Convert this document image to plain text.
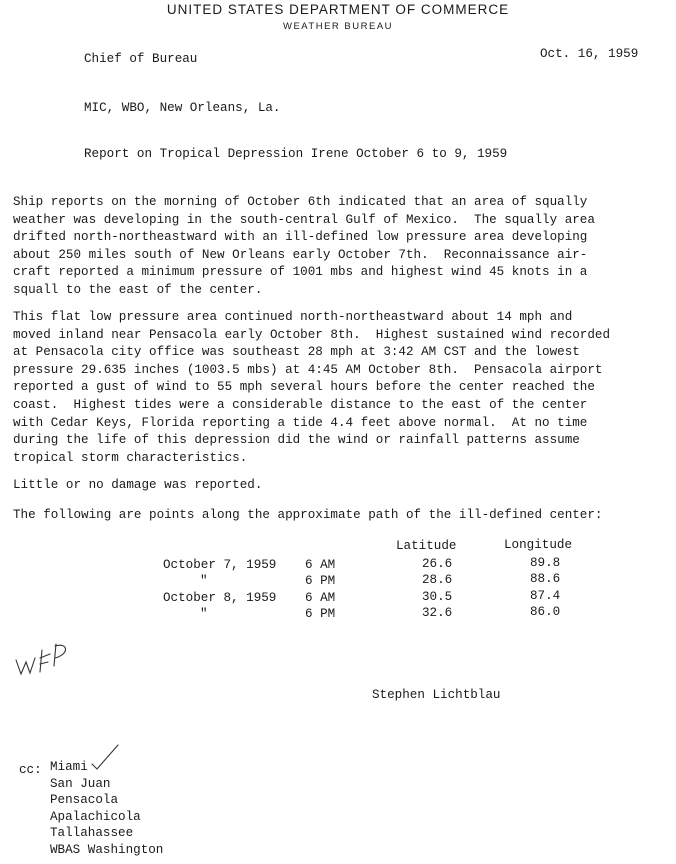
UNITED STATES DEPARTMENT OF COMMERCE
WEATHER BUREAU
Chief of Bureau	Oct. 16, 1959
MIC, WBO, New Orleans, La.
Report on Tropical Depression Irene October 6 to 9, 1959
Ship reports on the morning of October 6th indicated that an area of squally
weather was developing in the south-central Gulf of Mexico.  The squally area
drifted north-northeastward with an ill-defined low pressure area developing
about 250 miles south of New Orleans early October 7th.  Reconnaissance air-
craft reported a minimum pressure of 1001 mbs and highest wind 45 knots in a
squall to the east of the center.
This flat low pressure area continued north-northeastward about 14 mph and
moved inland near Pensacola early October 8th.  Highest sustained wind recorded
at Pensacola city office was southeast 28 mph at 3:42 AM CST and the lowest
pressure 29.635 inches (1003.5 mbs) at 4:45 AM October 8th.  Pensacola airport
reported a gust of wind to 55 mph several hours before the center reached the
coast.  Highest tides were a considerable distance to the east of the center
with Cedar Keys, Florida reporting a tide 4.4 feet above normal.  At no time
during the life of this depression did the wind or rainfall patterns assume
tropical storm characteristics.
Little or no damage was reported.
The following are points along the approximate path of the ill-defined center:
Latitude	Longitude
October 7, 1959 6 AM	26.6	89.8
"	6 PM	28.6	88.6
October 8, 1959 6 AM	30.5	87.4
"	6 PM	32.6	86.0
Stephen Lichtblau
cc: Miami
San Juan
Pensacola
Apalachicola
Tallahassee
WBAS Washington
